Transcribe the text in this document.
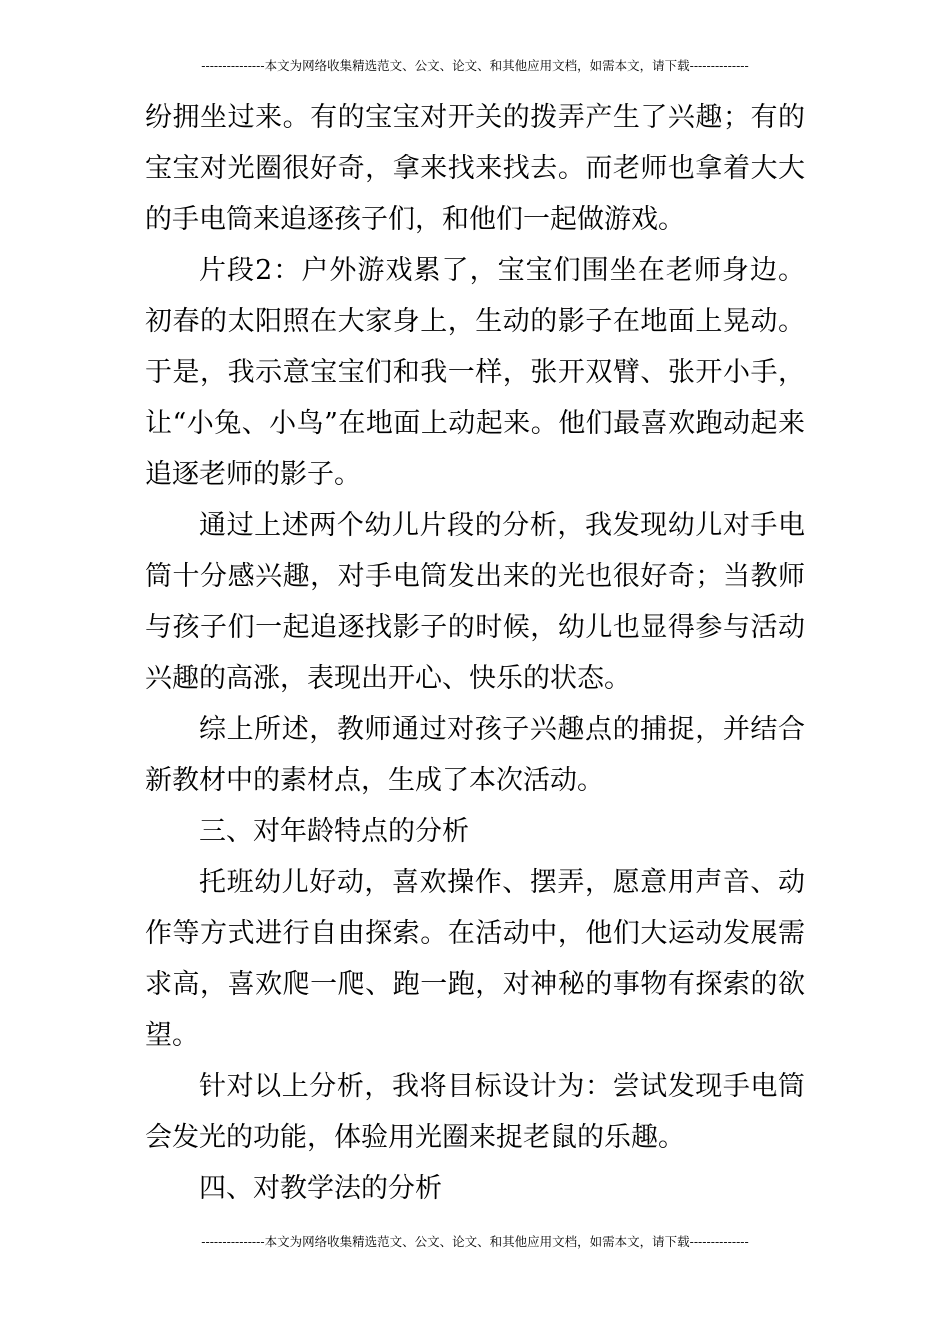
---------------本文为网络收集精选范文、公文、论文、和其他应用文档，如需本文，请下载--------------

纷拥坐过来。有的宝宝对开关的拨弄产生了兴趣；有的宝宝对光圈很好奇，拿来找来找去。而老师也拿着大大的手电筒来追逐孩子们，和他们一起做游戏。

片段2：户外游戏累了，宝宝们围坐在老师身边。初春的太阳照在大家身上，生动的影子在地面上晃动。于是，我示意宝宝们和我一样，张开双臂、张开小手，让“小兔、小鸟”在地面上动起来。他们最喜欢跑动起来追逐老师的影子。

通过上述两个幼儿片段的分析，我发现幼儿对手电筒十分感兴趣，对手电筒发出来的光也很好奇；当教师与孩子们一起追逐找影子的时候，幼儿也显得参与活动兴趣的高涨，表现出开心、快乐的状态。

综上所述，教师通过对孩子兴趣点的捕捉，并结合新教材中的素材点，生成了本次活动。

三、对年龄特点的分析

托班幼儿好动，喜欢操作、摆弄，愿意用声音、动作等方式进行自由探索。在活动中，他们大运动发展需求高，喜欢爬一爬、跑一跑，对神秘的事物有探索的欲望。

针对以上分析，我将目标设计为：尝试发现手电筒会发光的功能，体验用光圈来捉老鼠的乐趣。

四、对教学法的分析

---------------本文为网络收集精选范文、公文、论文、和其他应用文档，如需本文，请下载--------------
